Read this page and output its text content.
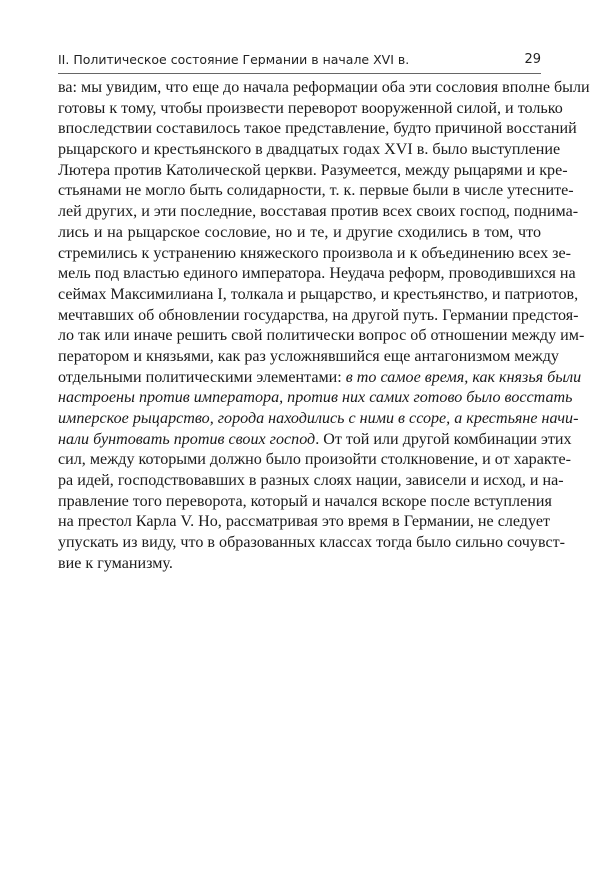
II. Политическое состояние Германии в начале XVI в.	29
ва: мы увидим, что еще до начала реформации оба эти сословия вполне были
готовы к тому, чтобы произвести переворот вооруженной силой, и только
впоследствии составилось такое представление, будто причиной восстаний
рыцарского и крестьянского в двадцатых годах XVI в. было выступление
Лютера против Католической церкви. Разумеется, между рыцарями и кре-
стьянами не могло быть солидарности, т. к. первые были в числе утесните-
лей других, и эти последние, восставая против всех своих господ, поднима-
лись и на рыцарское сословие, но и те, и другие сходились в том, что
стремились к устранению княжеского произвола и к объединению всех зе-
мель под властью единого императора. Неудача реформ, проводившихся на
сеймах Максимилиана I, толкала и рыцарство, и крестьянство, и патриотов,
мечтавших об обновлении государства, на другой путь. Германии предстоя-
ло так или иначе решить свой политически вопрос об отношении между им-
ператором и князьями, как раз усложнявшийся еще антагонизмом между
отдельными политическими элементами: в то самое время, как князья были
настроены против императора, против них самих готово было восстать
имперское рыцарство, города находились с ними в ссоре, а крестьяне начи-
нали бунтовать против своих господ. От той или другой комбинации этих
сил, между которыми должно было произойти столкновение, и от характе-
ра идей, господствовавших в разных слоях нации, зависели и исход, и на-
правление того переворота, который и начался вскоре после вступления
на престол Карла V. Но, рассматривая это время в Германии, не следует
упускать из виду, что в образованных классах тогда было сильно сочувст-
вие к гуманизму.
